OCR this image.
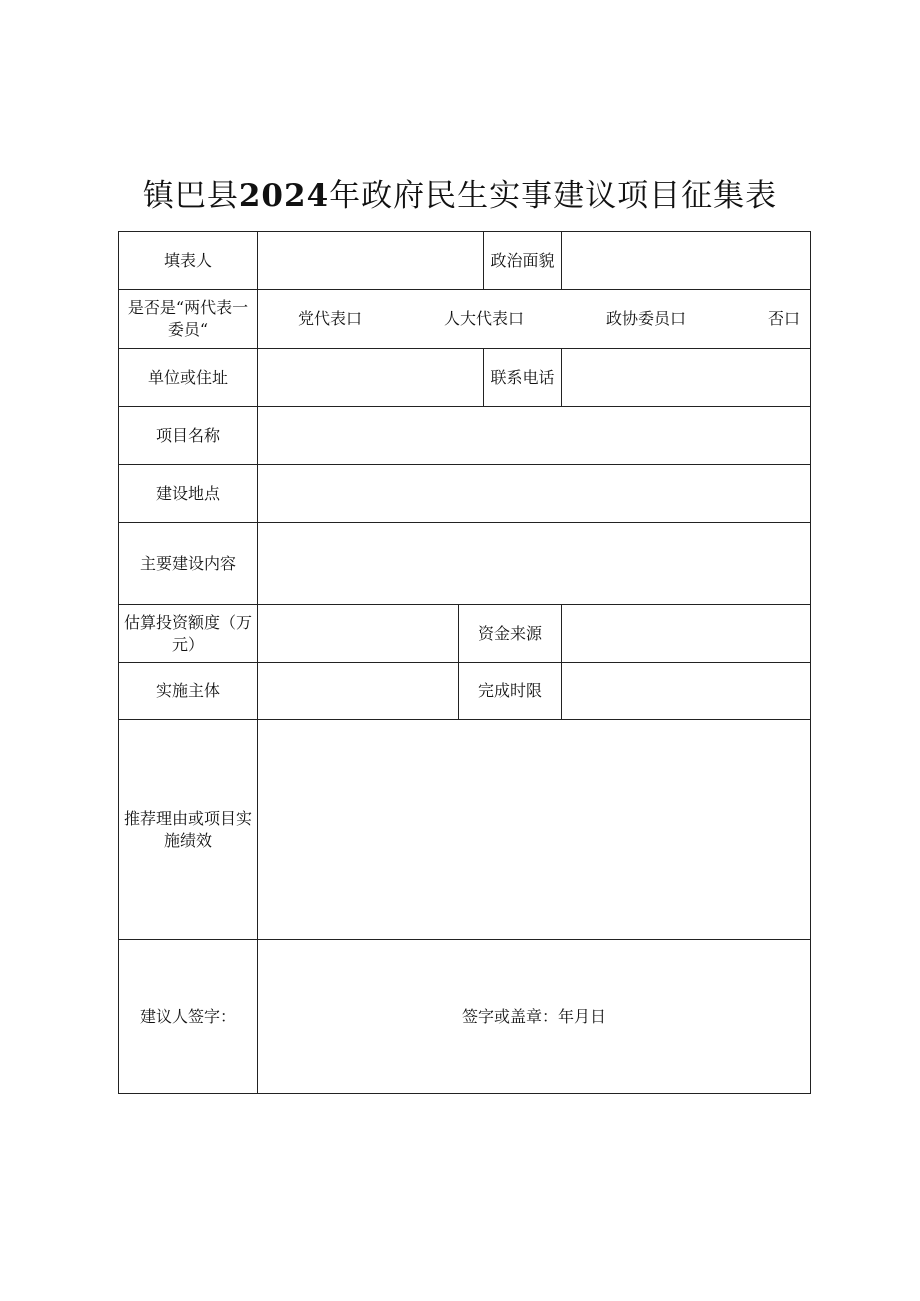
镇巴县2024年政府民生实事建议项目征集表
填表人			政治面貌	
是否是“两代表一委员“	党代表口 人大代表口 政协委员口 否口			

单位或住址			联系电话	
项目名称				
建设地点				
主要建设内容				
估算投资额度（万元）		资金来源		
实施主体		完成时限		
推荐理由或项目实施绩效				
建议人签字：	签字或盖章：年月日			
